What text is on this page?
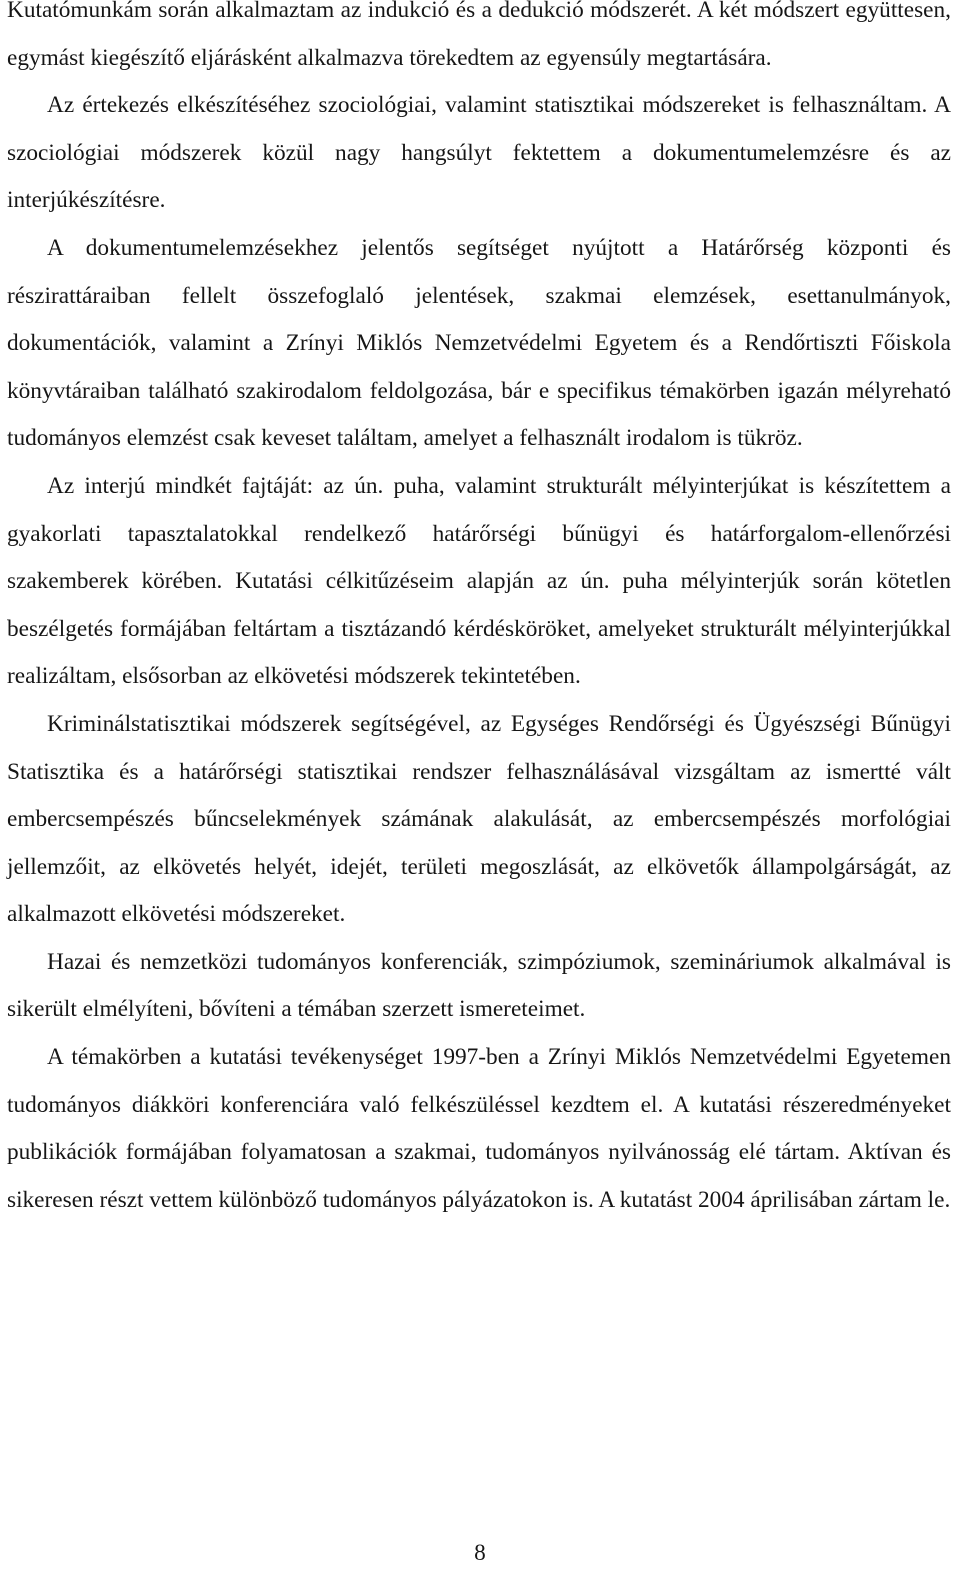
Kutatómunkám során alkalmaztam az indukció és a dedukció módszerét. A két módszert együttesen, egymást kiegészítő eljárásként alkalmazva törekedtem az egyensúly megtartására.

Az értekezés elkészítéséhez szociológiai, valamint statisztikai módszereket is felhasználtam. A szociológiai módszerek közül nagy hangsúlyt fektettem a dokumentumelemzésre és az interjúkészítésre.

A dokumentumelemzésekhez jelentős segítséget nyújtott a Határőrség központi és részirattáraiban fellelt összefoglaló jelentések, szakmai elemzések, esettanulmányok, dokumentációk, valamint a Zrínyi Miklós Nemzetvédelmi Egyetem és a Rendőrtiszti Főiskola könyvtáraiban található szakirodalom feldolgozása, bár e specifikus témakörben igazán mélyreható tudományos elemzést csak keveset találtam, amelyet a felhasznált irodalom is tükröz.

Az interjú mindkét fajtáját: az ún. puha, valamint strukturált mélyinterjúkat is készítettem a gyakorlati tapasztalatokkal rendelkező határőrségi bűnügyi és határforgalom-ellenőrzési szakemberek körében. Kutatási célkitűzéseim alapján az ún. puha mélyinterjúk során kötetlen beszélgetés formájában feltártam a tisztázandó kérdésköröket, amelyeket strukturált mélyinterjúkkal realizáltam, elsősorban az elkövetési módszerek tekintetében.

Kriminálstatisztikai módszerek segítségével, az Egységes Rendőrségi és Ügyészségi Bűnügyi Statisztika és a határőrségi statisztikai rendszer felhasználásával vizsgáltam az ismertté vált embercsempészés bűncselekmények számának alakulását, az embercsempészés morfológiai jellemzőit, az elkövetés helyét, idejét, területi megoszlását, az elkövetők állampolgárságát, az alkalmazott elkövetési módszereket.

Hazai és nemzetközi tudományos konferenciák, szimpóziumok, szemináriumok alkalmával is sikerült elmélyíteni, bővíteni a témában szerzett ismereteimet.

A témakörben a kutatási tevékenységet 1997-ben a Zrínyi Miklós Nemzetvédelmi Egyetemen tudományos diákköri konferenciára való felkészüléssel kezdtem el. A kutatási részeredményeket publikációk formájában folyamatosan a szakmai, tudományos nyilvánosság elé tártam. Aktívan és sikeresen részt vettem különböző tudományos pályázatokon is. A kutatást 2004 áprilisában zártam le.

8
